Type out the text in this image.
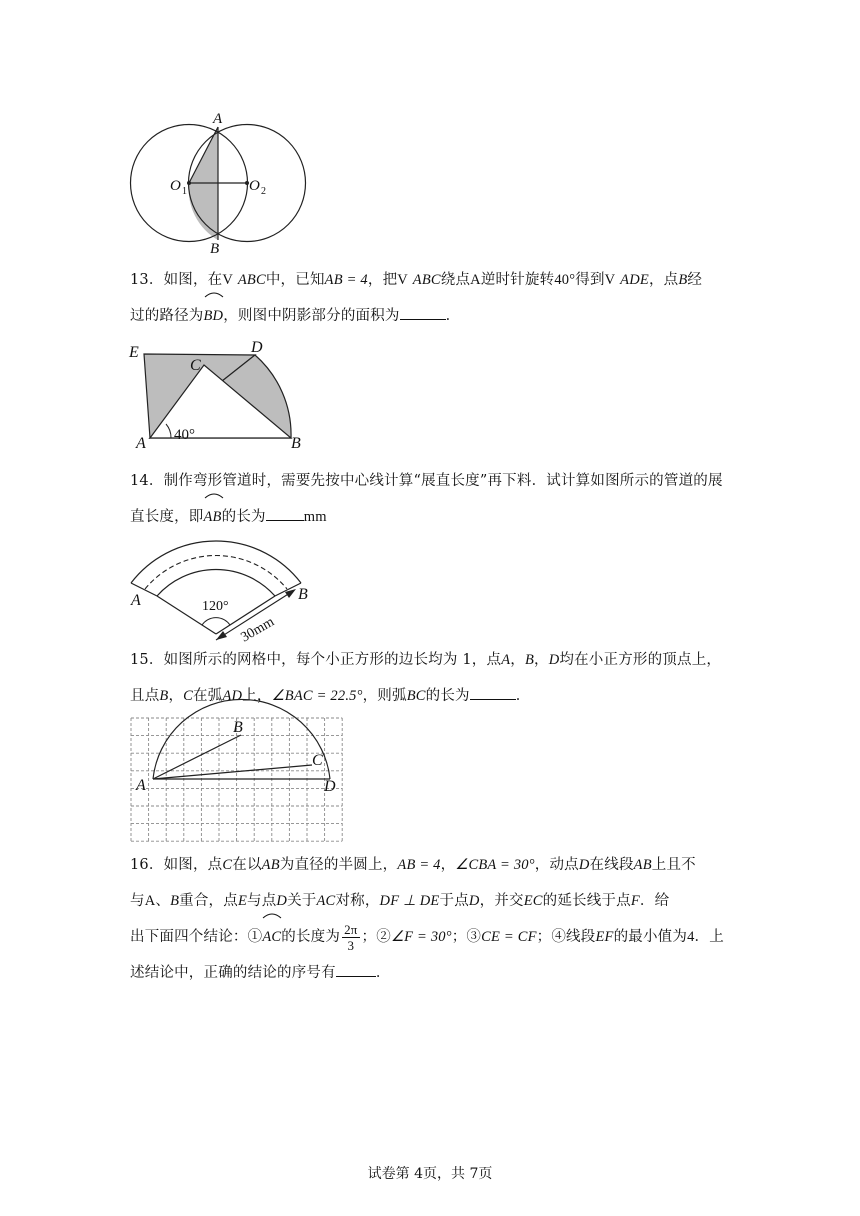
A
B
O 1	O 2

13．如图，在V ABC中，已知AB = 4，把V ABC绕点A逆时针旋转40°得到V ADE，点B经

过的路径为
BD，则图中阴影部分的面积为	．

E
C
D
A	B
40°

14．制作弯形管道时，需要先按中心线计算“展直长度”再下料．试计算如图所示的管道的展

直长度，即
AB的长为	mm

A	B
120°
30mm

15．如图所示的网格中，每个小正方形的边长均为 1，点A，B，D均在小正方形的顶点上，

且点B，C在弧AD上，∠BAC = 22.5°，则弧BC的长为	．

A
B
C
D

16．如图，点C在以AB为直径的半圆上，AB = 4，∠CBA = 30°，动点D在线段AB上且不

与A、B重合，点E与点D关于AC对称，DF ⊥ DE于点D，并交EC的延长线于点F．给

出下面四个结论：①
AC的长度为 $\frac{2\pi}{3}$ ；②∠F = 30°；③CE = CF；④线段EF的最小值为4．上

述结论中，正确的结论的序号有	．

试卷第 4页，共 7页
